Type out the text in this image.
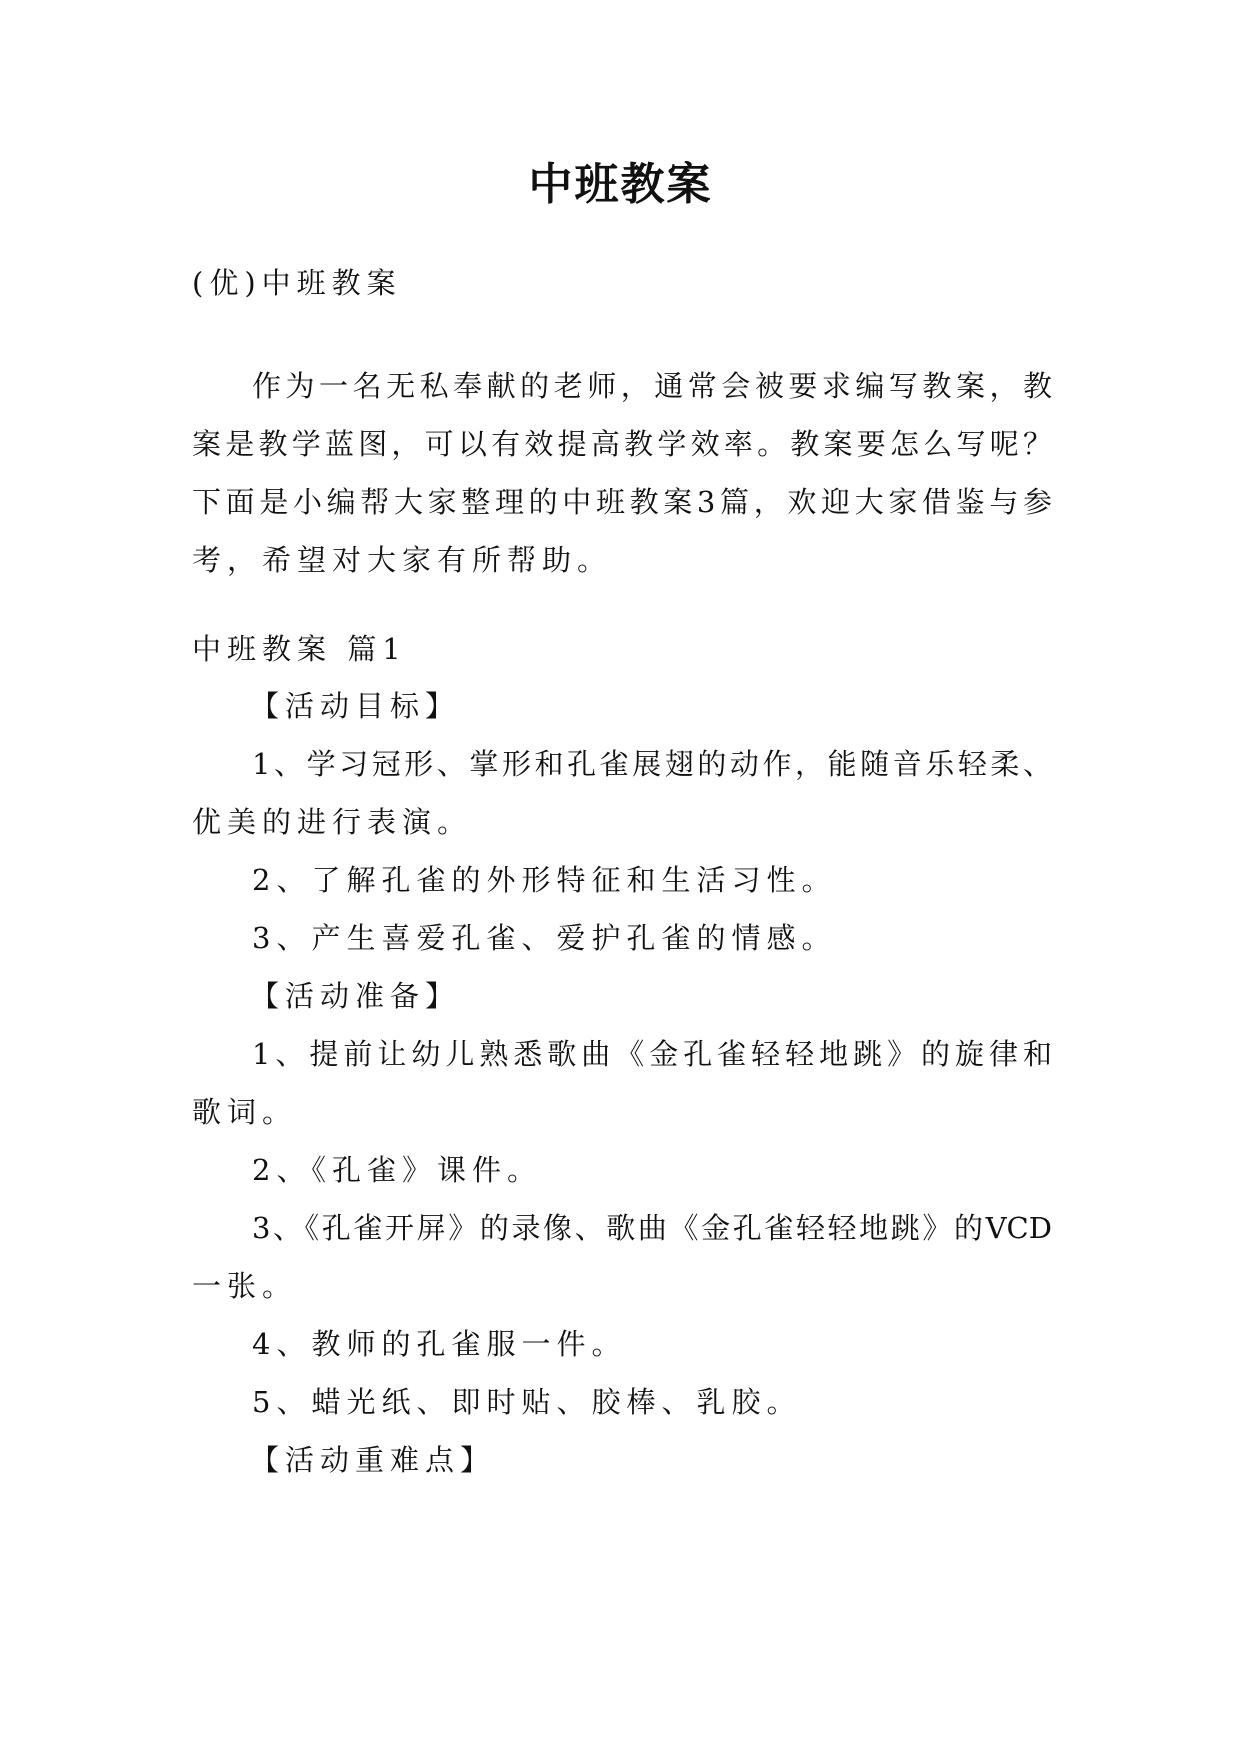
中班教案
(优)中班教案
作为一名无私奉献的老师，通常会被要求编写教案，教
案是教学蓝图，可以有效提高教学效率。教案要怎么写呢？
下面是小编帮大家整理的中班教案3篇，欢迎大家借鉴与参
考，希望对大家有所帮助。
中班教案 篇1
【活动目标】
1、学习冠形、掌形和孔雀展翅的动作，能随音乐轻柔、
优美的进行表演。
2、了解孔雀的外形特征和生活习性。
3、产生喜爱孔雀、爱护孔雀的情感。
【活动准备】
1、提前让幼儿熟悉歌曲《金孔雀轻轻地跳》的旋律和
歌词。
2、《孔雀》课件。
3、《孔雀开屏》的录像、歌曲《金孔雀轻轻地跳》的VCD
一张。
4、教师的孔雀服一件。
5、蜡光纸、即时贴、胶棒、乳胶。
【活动重难点】
